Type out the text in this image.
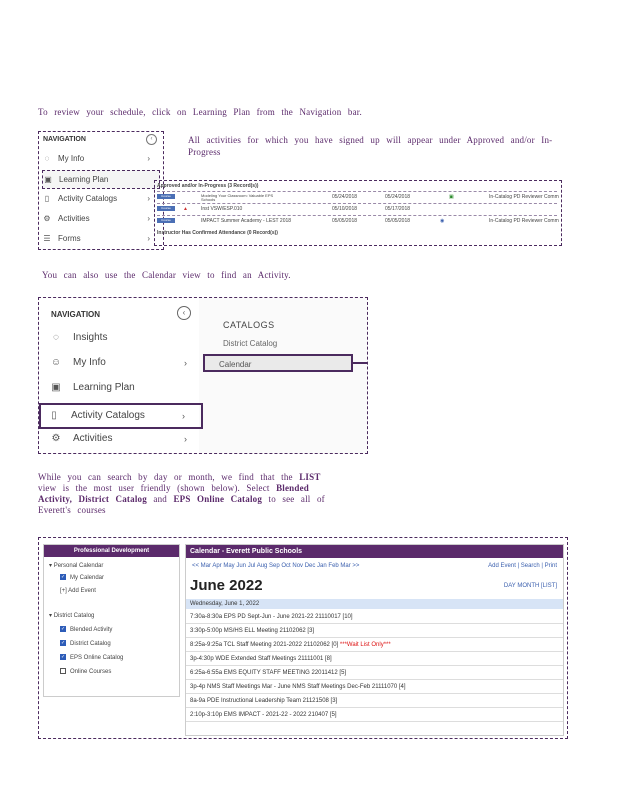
To review your schedule, click on Learning Plan from the Navigation bar.
NAVIGATION	‹
◌ My Info	›
▣ Learning Plan
▯ Activity Catalogs	›
⚙ Activities	›
☰ Forms	›
All activities for which you have signed up will appear under Approved and/or In-Progress
Approved and/or In-Progress (3 Record(s))
Course	Modeling Your Classroom: Valuable EPS Schools	05/24/2018	05/24/2018	▣	In-Catalog PD Reviewer Comm
Course	▲	Inst VSW/ESP.010	05/10/2018	05/17/2018
Course	IMPACT Summer Academy - LEST 2018	05/05/2018	05/05/2018	◉	In-Catalog PD Reviewer Comm
Instructor Has Confirmed Attendance (0 Record(s))
You can also use the Calendar view to find an Activity.
NAVIGATION	‹
◌ Insights
☺ My Info	›
▣ Learning Plan
▯ Activity Catalogs	›
⚙ Activities	›
CATALOGS
District Catalog
Calendar
While you can search by day or month, we find that the LIST view is the most user friendly (shown below). Select Blended Activity, District Catalog and EPS Online Catalog to see all of Everett's courses
Professional Development
▾ Personal Calendar
✓ My Calendar
[+] Add Event
▾ District Catalog
✓ Blended Activity
✓ District Catalog
✓ EPS Online Catalog
Online Courses
Calendar - Everett Public Schools
<< Mar Apr May Jun Jul Aug Sep Oct Nov Dec Jan Feb Mar >>	Add Event | Search | Print
June 2022	DAY MONTH [LIST]
Wednesday, June 1, 2022
7:30a-8:30a EPS PD Sept-Jun - June 2021-22 21110017 [10]
3:30p-5:00p MS/HS ELL Meeting 21102062 [3]
8:25a-9:25a TCL Staff Meeting 2021-2022 21102062 [0] ***Wait List Only***
3p-4:30p WDE Extended Staff Meetings 21111001 [8]
6:25a-6:55a EMS EQUITY STAFF MEETING 22011412 [5]
3p-4p NMS Staff Meetings Mar - June NMS Staff Meetings Dec-Feb 21111070 [4]
8a-9a PDE Instructional Leadership Team 21121508 [3]
2:10p-3:10p EMS IMPACT - 2021-22 - 2022 210407 [5]
